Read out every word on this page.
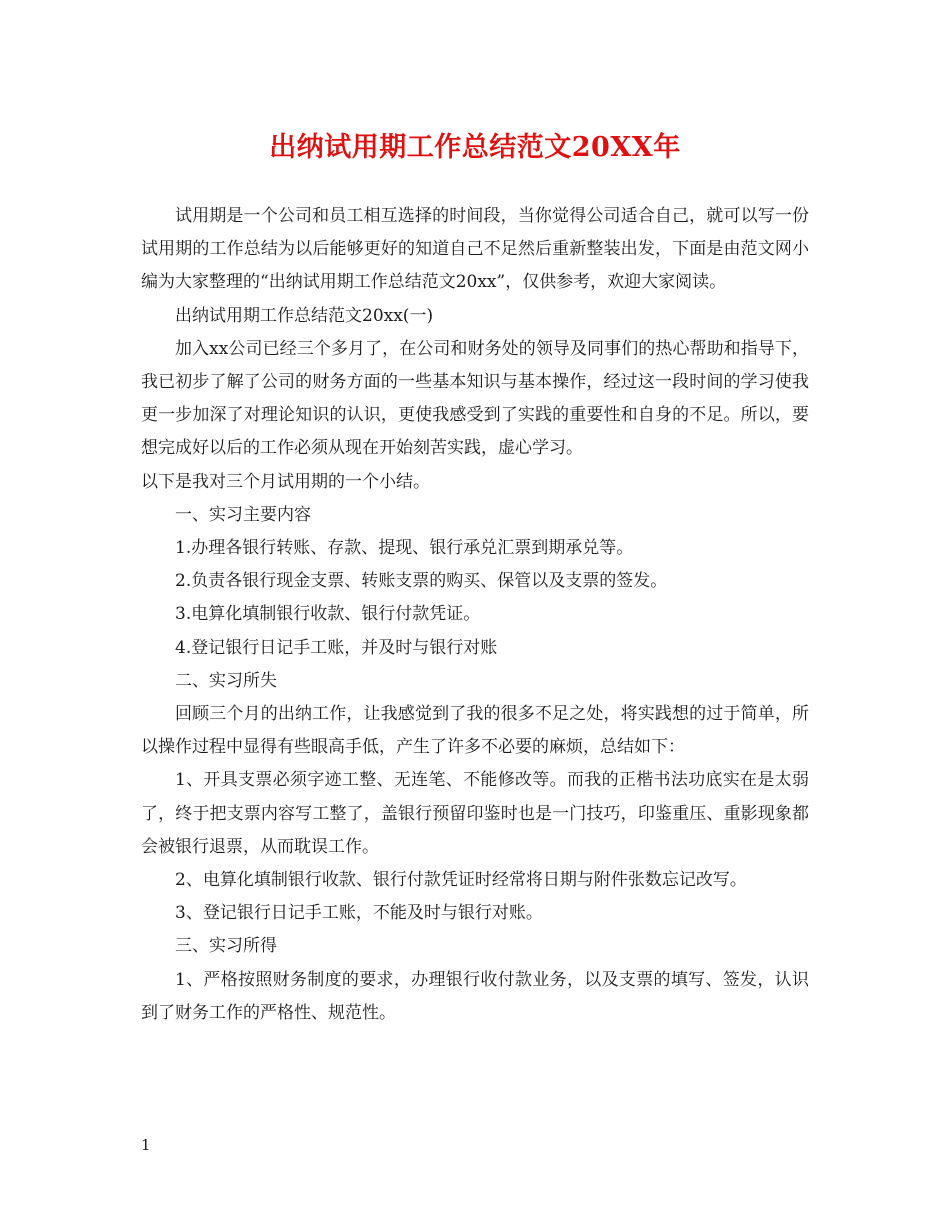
出纳试用期工作总结范文20XX年

试用期是一个公司和员工相互选择的时间段，当你觉得公司适合自己，就可以写一份试用期的工作总结为以后能够更好的知道自己不足然后重新整装出发，下面是由范文网小编为大家整理的“出纳试用期工作总结范文20xx”，仅供参考，欢迎大家阅读。

出纳试用期工作总结范文20xx(一)

加入xx公司已经三个多月了，在公司和财务处的领导及同事们的热心帮助和指导下，我已初步了解了公司的财务方面的一些基本知识与基本操作，经过这一段时间的学习使我更一步加深了对理论知识的认识，更使我感受到了实践的重要性和自身的不足。所以，要想完成好以后的工作必须从现在开始刻苦实践，虚心学习。

以下是我对三个月试用期的一个小结。

一、实习主要内容

1.办理各银行转账、存款、提现、银行承兑汇票到期承兑等。

2.负责各银行现金支票、转账支票的购买、保管以及支票的签发。

3.电算化填制银行收款、银行付款凭证。

4.登记银行日记手工账，并及时与银行对账

二、实习所失

回顾三个月的出纳工作，让我感觉到了我的很多不足之处，将实践想的过于简单，所以操作过程中显得有些眼高手低，产生了许多不必要的麻烦，总结如下：

1、开具支票必须字迹工整、无连笔、不能修改等。而我的正楷书法功底实在是太弱了，终于把支票内容写工整了，盖银行预留印鉴时也是一门技巧，印鉴重压、重影现象都会被银行退票，从而耽误工作。

2、电算化填制银行收款、银行付款凭证时经常将日期与附件张数忘记改写。

3、登记银行日记手工账，不能及时与银行对账。

三、实习所得

1、严格按照财务制度的要求，办理银行收付款业务，以及支票的填写、签发，认识到了财务工作的严格性、规范性。

1
